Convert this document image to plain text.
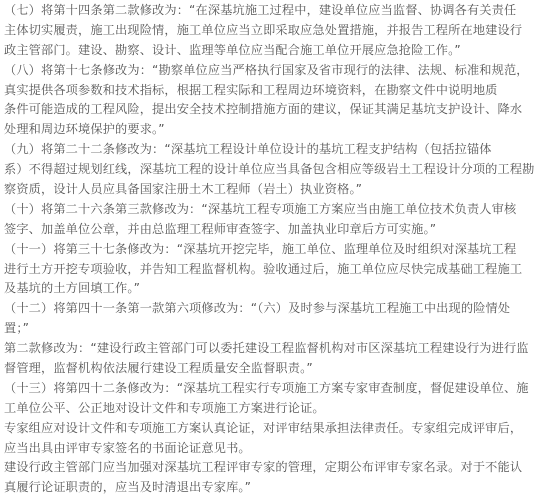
（七）将第十四条第二款修改为：“在深基坑施工过程中，建设单位应当监督、协调各有关责任
主体切实履责，施工出现险情，施工单位应当立即采取应急处置措施，并报告工程所在地建设行
政主管部门。建设、勘察、设计、监理等单位应当配合施工单位开展应急抢险工作。”
（八）将第十七条修改为：“勘察单位应当严格执行国家及省市现行的法律、法规、标准和规范，
真实提供各项参数和技术指标，根据工程实际和工程周边环境资料，在勘察文件中说明地质
条件可能造成的工程风险，提出安全技术控制措施方面的建议，保证其满足基坑支护设计、降水
处理和周边环境保护的要求。”
（九）将第二十二条修改为：“深基坑工程设计单位设计的基坑工程支护结构（包括拉锚体
系）不得超过规划红线，深基坑工程的设计单位应当具备包含相应等级岩土工程设计分项的工程勘
察资质，设计人员应具备国家注册土木工程师（岩土）执业资格。”
（十）将第二十六条第三款修改为：“深基坑工程专项施工方案应当由施工单位技术负责人审核
签字、加盖单位公章，并由总监理工程师审查签字、加盖执业印章后方可实施。”
（十一）将第三十七条修改为：“深基坑开挖完毕，施工单位、监理单位及时组织对深基坑工程
进行土方开挖专项验收，并告知工程监督机构。验收通过后，施工单位应尽快完成基础工程施工
及基坑的土方回填工作。”
（十二）将第四十一条第一款第六项修改为：“（六）及时参与深基坑工程施工中出现的险情处
置；”
第二款修改为：“建设行政主管部门可以委托建设工程监督机构对市区深基坑工程建设行为进行监
督管理，监督机构依法履行建设工程质量安全监督职责。”
（十三）将第四十二条修改为：“深基坑工程实行专项施工方案专家审查制度，督促建设单位、施
工单位公平、公正地对设计文件和专项施工方案进行论证。
专家组应对设计文件和专项施工方案认真论证，对评审结果承担法律责任。专家组完成评审后，
应当出具由评审专家签名的书面论证意见书。
建设行政主管部门应当加强对深基坑工程评审专家的管理，定期公布评审专家名录。对于不能认
真履行论证职责的，应当及时清退出专家库。”
